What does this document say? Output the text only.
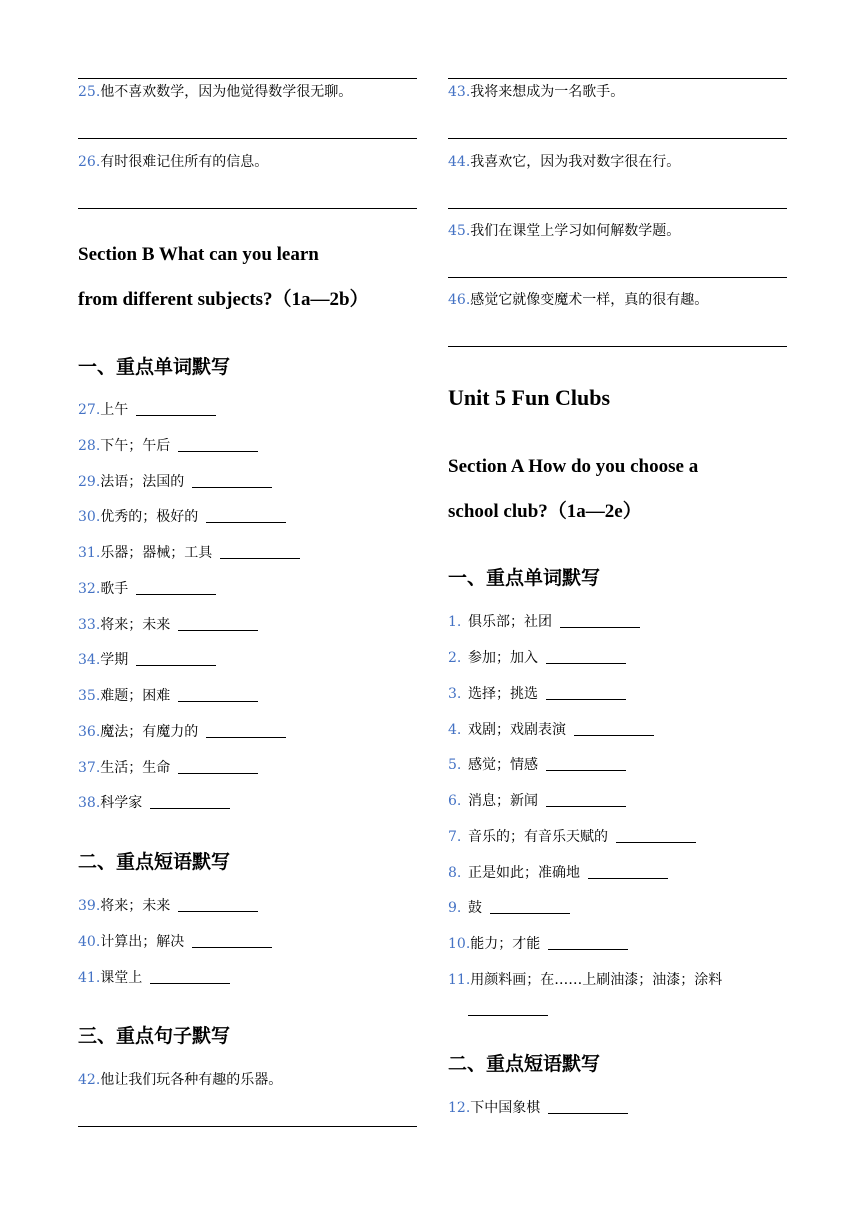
25.他不喜欢数学，因为他觉得数学很无聊。
26.有时很难记住所有的信息。
Section B What can you learn
from different subjects?（1a—2b）
一、重点单词默写
27.上午
28.下午；午后
29.法语；法国的
30.优秀的；极好的
31.乐器；器械；工具
32.歌手
33.将来；未来
34.学期
35.难题；困难
36.魔法；有魔力的
37.生活；生命
38.科学家
二、重点短语默写
39.将来；未来
40.计算出；解决
41.课堂上
三、重点句子默写
42.他让我们玩各种有趣的乐器。
43.我将来想成为一名歌手。
44.我喜欢它，因为我对数字很在行。
45.我们在课堂上学习如何解数学题。
46.感觉它就像变魔术一样，真的很有趣。
Unit 5 Fun Clubs
Section A How do you choose a
school club?（1a—2e）
一、重点单词默写
1. 俱乐部；社团
2. 参加；加入
3. 选择；挑选
4. 戏剧；戏剧表演
5. 感觉；情感
6. 消息；新闻
7. 音乐的；有音乐天赋的
8. 正是如此；准确地
9. 鼓
10.能力；才能
11.用颜料画；在……上刷油漆；油漆；涂料
二、重点短语默写
12.下中国象棋
